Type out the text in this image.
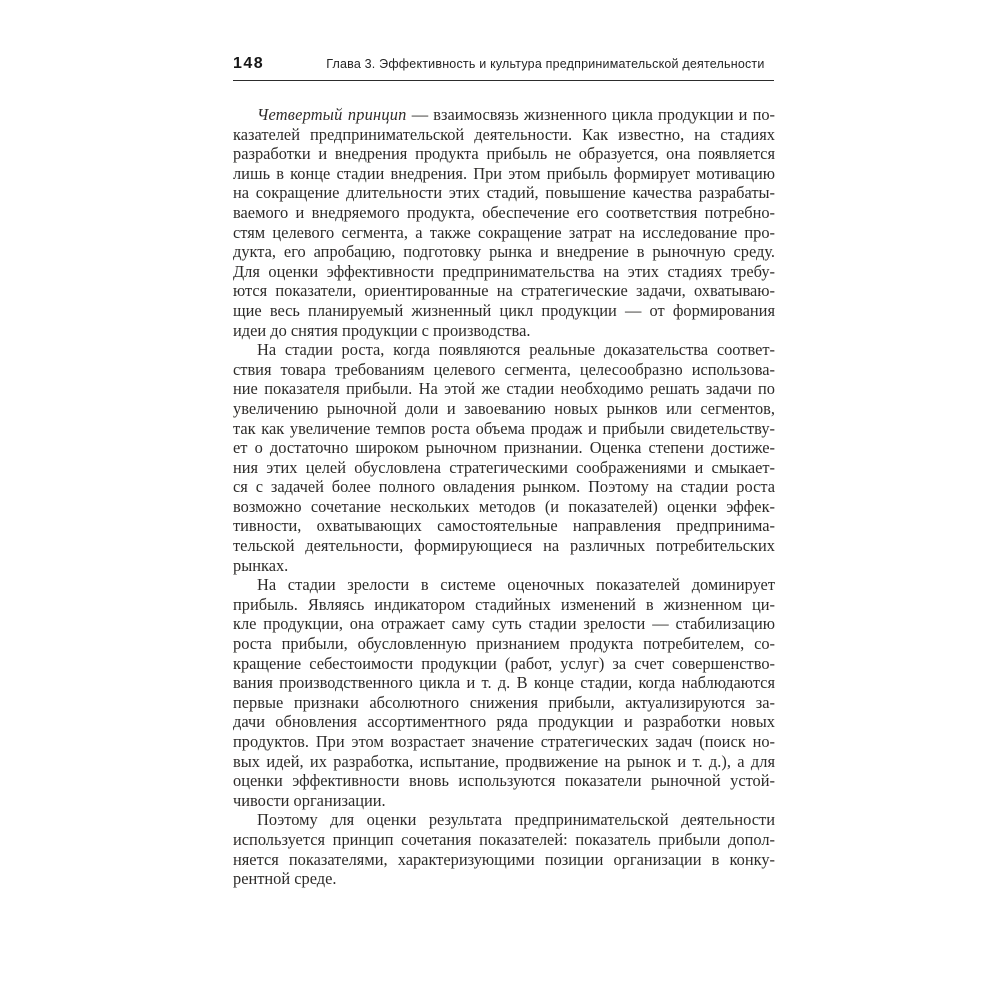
148	Глава 3. Эффективность и культура предпринимательской деятельности
Четвертый принцип — взаимосвязь жизненного цикла продукции и по-
казателей предпринимательской деятельности. Как известно, на стадиях
разработки и внедрения продукта прибыль не образуется, она появляется
лишь в конце стадии внедрения. При этом прибыль формирует мотивацию
на сокращение длительности этих стадий, повышение качества разрабаты-
ваемого и внедряемого продукта, обеспечение его соответствия потребно-
стям целевого сегмента, а также сокращение затрат на исследование про-
дукта, его апробацию, подготовку рынка и внедрение в рыночную среду.
Для оценки эффективности предпринимательства на этих стадиях требу-
ются показатели, ориентированные на стратегические задачи, охватываю-
щие весь планируемый жизненный цикл продукции — от формирования
идеи до снятия продукции с производства.
На стадии роста, когда появляются реальные доказательства соответ-
ствия товара требованиям целевого сегмента, целесообразно использова-
ние показателя прибыли. На этой же стадии необходимо решать задачи по
увеличению рыночной доли и завоеванию новых рынков или сегментов,
так как увеличение темпов роста объема продаж и прибыли свидетельству-
ет о достаточно широком рыночном признании. Оценка степени достиже-
ния этих целей обусловлена стратегическими соображениями и смыкает-
ся с задачей более полного овладения рынком. Поэтому на стадии роста
возможно сочетание нескольких методов (и показателей) оценки эффек-
тивности, охватывающих самостоятельные направления предпринима-
тельской деятельности, формирующиеся на различных потребительских
рынках.
На стадии зрелости в системе оценочных показателей доминирует
прибыль. Являясь индикатором стадийных изменений в жизненном ци-
кле продукции, она отражает саму суть стадии зрелости — стабилизацию
роста прибыли, обусловленную признанием продукта потребителем, со-
кращение себестоимости продукции (работ, услуг) за счет совершенство-
вания производственного цикла и т. д. В конце стадии, когда наблюдаются
первые признаки абсолютного снижения прибыли, актуализируются за-
дачи обновления ассортиментного ряда продукции и разработки новых
продуктов. При этом возрастает значение стратегических задач (поиск но-
вых идей, их разработка, испытание, продвижение на рынок и т. д.), а для
оценки эффективности вновь используются показатели рыночной устой-
чивости организации.
Поэтому для оценки результата предпринимательской деятельности
используется принцип сочетания показателей: показатель прибыли допол-
няется показателями, характеризующими позиции организации в конку-
рентной среде.
